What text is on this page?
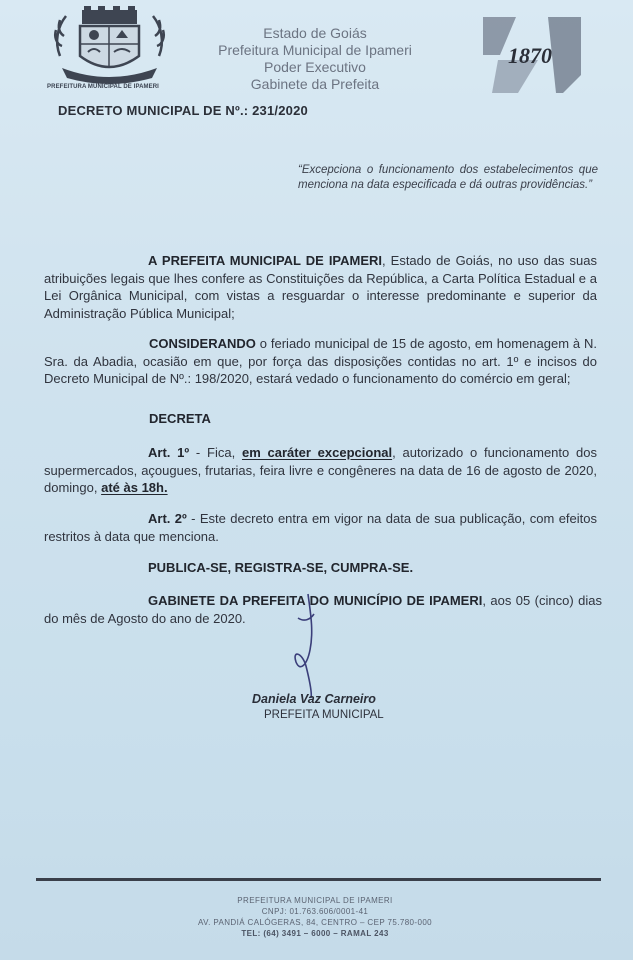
PREFEITURA MUNICIPAL DE IPAMERI
Estado de Goiás
Prefeitura Municipal de Ipameri
Poder Executivo
Gabinete da Prefeita
1870
DECRETO MUNICIPAL DE Nº.: 231/2020
“Excepciona o funcionamento dos estabelecimentos que menciona na data especificada e dá outras providências.”

A PREFEITA MUNICIPAL DE IPAMERI, Estado de Goiás, no uso das suas atribuições legais que lhes confere as Constituições da República, a Carta Política Estadual e a Lei Orgânica Municipal, com vistas a resguardar o interesse predominante e superior da Administração Pública Municipal;

CONSIDERANDO o feriado municipal de 15 de agosto, em homenagem à N. Sra. da Abadia, ocasião em que, por força das disposições contidas no art. 1º e incisos do Decreto Municipal de Nº.: 198/2020, estará vedado o funcionamento do comércio em geral;

DECRETA

Art. 1º - Fica, em caráter excepcional, autorizado o funcionamento dos supermercados, açougues, frutarias, feira livre e congêneres na data de 16 de agosto de 2020, domingo, até às 18h.

Art. 2º - Este decreto entra em vigor na data de sua publicação, com efeitos restritos à data que menciona.

PUBLICA-SE, REGISTRA-SE, CUMPRA-SE.

GABINETE DA PREFEITA DO MUNICÍPIO DE IPAMERI, aos 05 (cinco) dias do mês de Agosto do ano de 2020.

Daniela Vaz Carneiro
PREFEITA MUNICIPAL
PREFEITURA MUNICIPAL DE IPAMERI
CNPJ: 01.763.606/0001-41
AV. PANDIÁ CALÓGERAS, 84, CENTRO – CEP 75.780-000
TEL: (64) 3491 – 6000 – RAMAL 243
